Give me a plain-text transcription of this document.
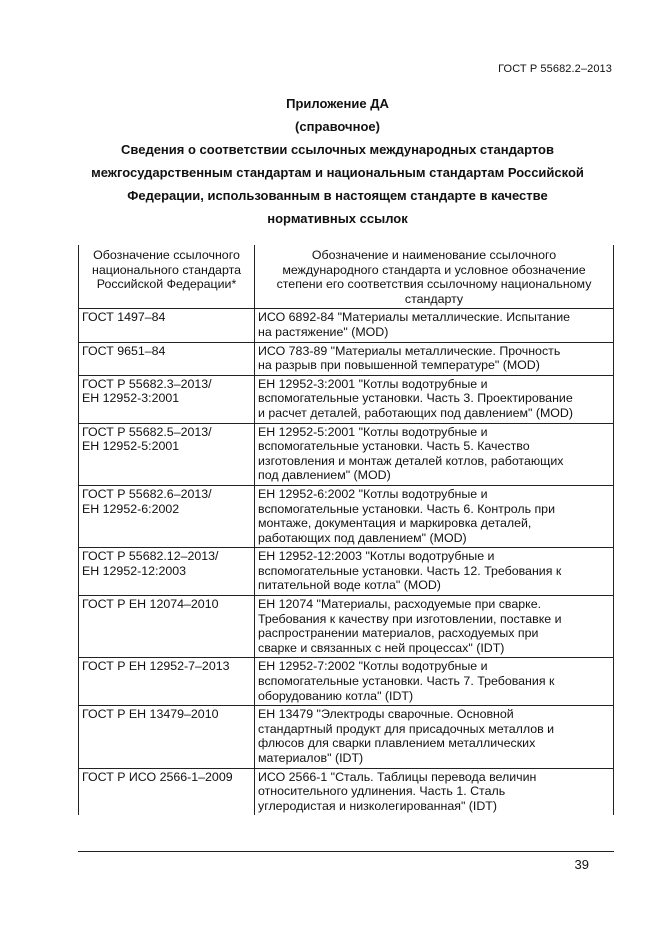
ГОСТ Р 55682.2–2013
Приложение ДА
(справочное)
Сведения о соответствии ссылочных международных стандартов
межгосударственным стандартам и национальным стандартам Российской
Федерации, использованным в настоящем стандарте в качестве
нормативных ссылок
Обозначение ссылочного
национального стандарта
Российской Федерации*	Обозначение и наименование ссылочного
международного стандарта и условное обозначение
степени его соответствия ссылочному национальному
стандарту

ГОСТ 1497–84	ИСО 6892-84 "Материалы металлические. Испытание
на растяжение" (MOD)

ГОСТ 9651–84	ИСО 783-89 "Материалы металлические. Прочность
на разрыв при повышенной температуре" (MOD)

ГОСТ Р 55682.3–2013/
ЕН 12952-3:2001	ЕН 12952-3:2001 "Котлы водотрубные и
вспомогательные установки. Часть 3. Проектирование
и расчет деталей, работающих под давлением" (MOD)

ГОСТ Р 55682.5–2013/
ЕН 12952-5:2001	ЕН 12952-5:2001 "Котлы водотрубные и
вспомогательные установки. Часть 5. Качество
изготовления и монтаж деталей котлов, работающих
под давлением" (MOD)

ГОСТ Р 55682.6–2013/
ЕН 12952-6:2002	ЕН 12952-6:2002 "Котлы водотрубные и
вспомогательные установки. Часть 6. Контроль при
монтаже, документация и маркировка деталей,
работающих под давлением" (MOD)

ГОСТ Р 55682.12–2013/
ЕН 12952-12:2003	ЕН 12952-12:2003 "Котлы водотрубные и
вспомогательные установки. Часть 12. Требования к
питательной воде котла" (MOD)

ГОСТ Р ЕН 12074–2010	ЕН 12074 "Материалы, расходуемые при сварке.
Требования к качеству при изготовлении, поставке и
распространении материалов, расходуемых при
сварке и связанных с ней процессах" (IDT)

ГОСТ Р ЕН 12952-7–2013	ЕН 12952-7:2002 "Котлы водотрубные и
вспомогательные установки. Часть 7. Требования к
оборудованию котла" (IDT)

ГОСТ Р ЕН 13479–2010	ЕН 13479 "Электроды сварочные. Основной
стандартный продукт для присадочных металлов и
флюсов для сварки плавлением металлических
материалов" (IDT)

ГОСТ Р ИСО 2566-1–2009	ИСО 2566-1 "Сталь. Таблицы перевода величин
относительного удлинения. Часть 1. Сталь
углеродистая и низколегированная" (IDT)
39
